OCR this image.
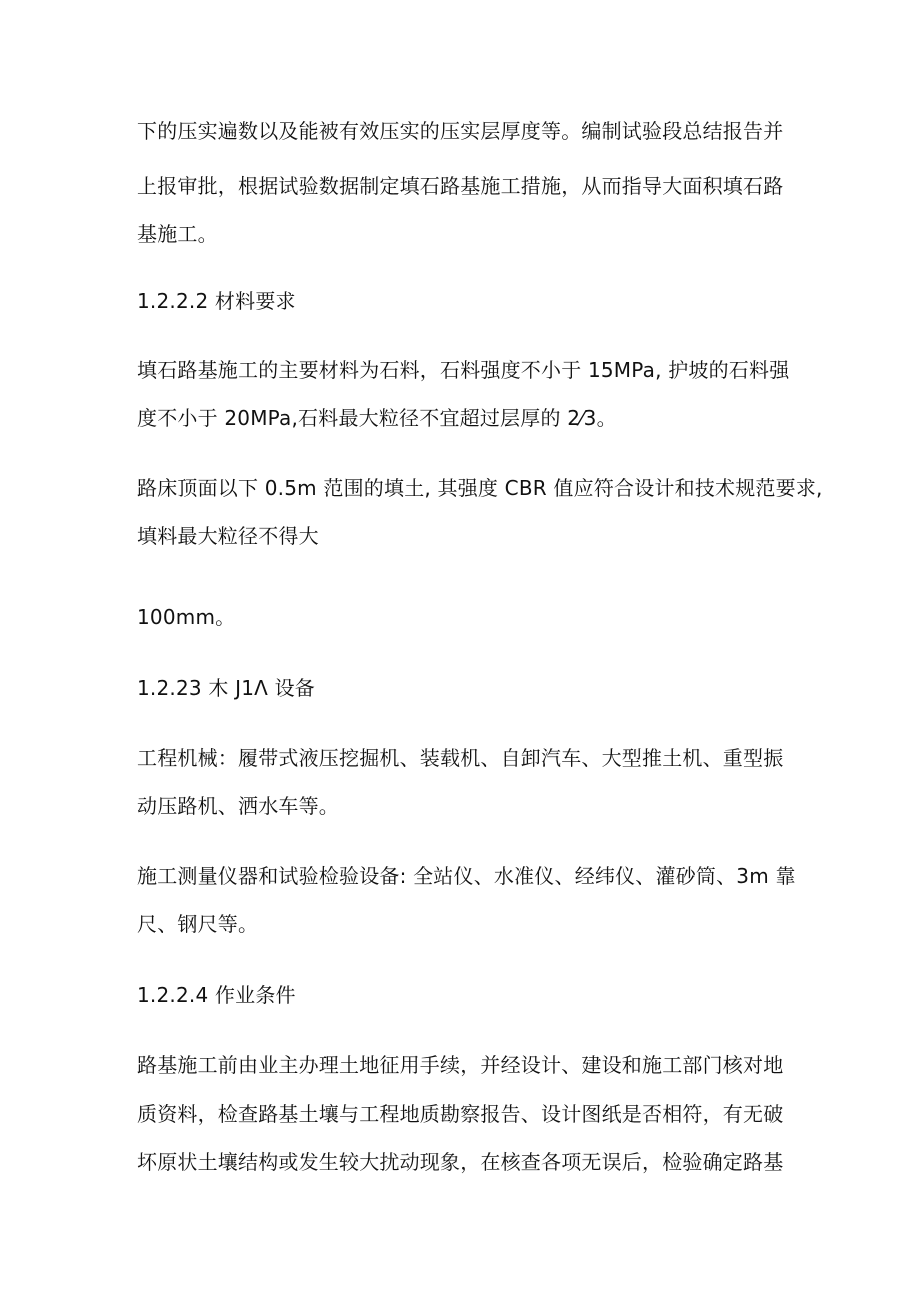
下的压实遍数以及能被有效压实的压实层厚度等。编制试验段总结报告并
上报审批，根据试验数据制定填石路基施工措施，从而指导大面积填石路
基施工。
1.2.2.2 材料要求
填石路基施工的主要材料为石料，石料强度不小于 15MPa, 护坡的石料强
度不小于 20MPa,石料最大粒径不宜超过层厚的 2⁄3。
路床顶面以下 0.5m 范围的填土, 其强度 CBR 值应符合设计和技术规范要求,
填料最大粒径不得大
100mm。
1.2.23 木 J1Λ 设备
工程机械：履带式液压挖掘机、装载机、自卸汽车、大型推土机、重型振
动压路机、洒水车等。
施工测量仪器和试验检验设备: 全站仪、水准仪、经纬仪、灌砂筒、3m 靠
尺、钢尺等。
1.2.2.4 作业条件
路基施工前由业主办理土地征用手续，并经设计、建设和施工部门核对地
质资料，检查路基土壤与工程地质勘察报告、设计图纸是否相符，有无破
坏原状土壤结构或发生较大扰动现象，在核查各项无误后，检验确定路基
